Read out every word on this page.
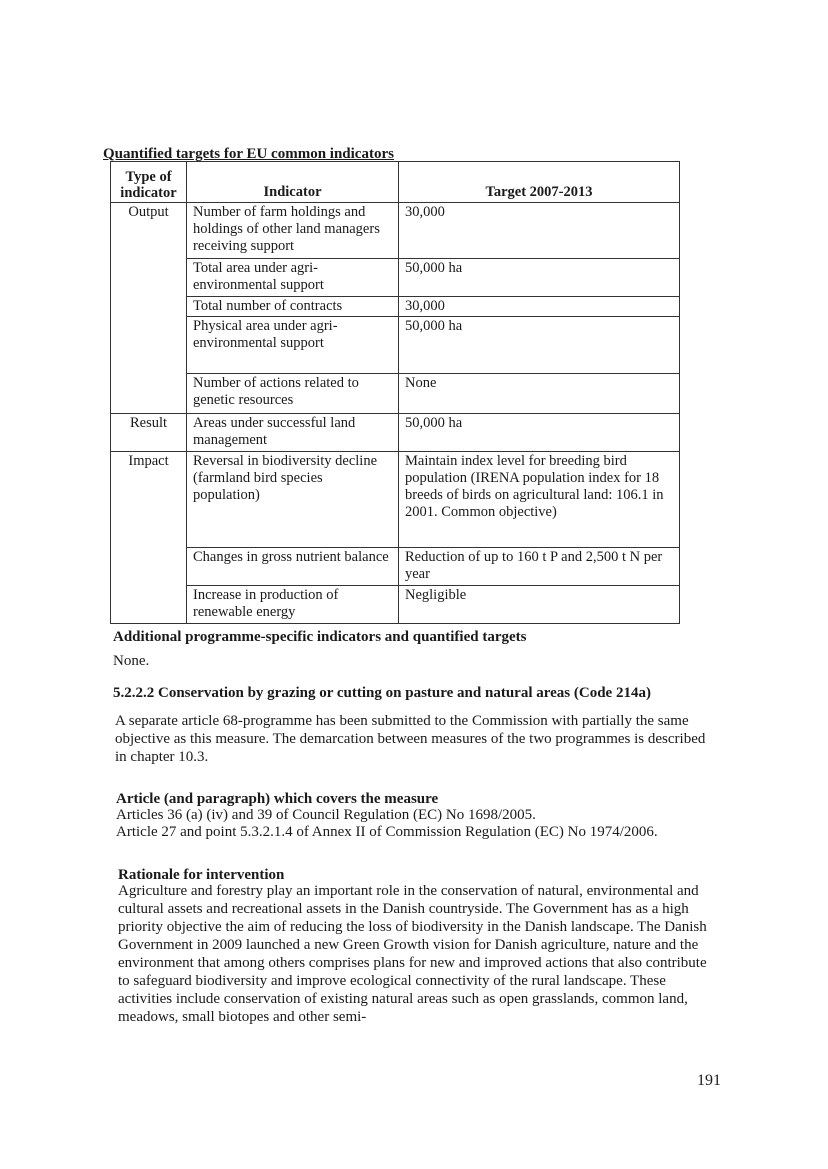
Quantified targets for EU common indicators
Type of indicator	Indicator	Target 2007-2013
Output	Number of farm holdings and holdings of other land managers receiving support	30,000
	Total area under agri-environmental support	50,000 ha
	Total number of contracts	30,000
	Physical area under agri-environmental support	50,000 ha
	Number of actions related to genetic resources	None
Result	Areas under successful land management	50,000 ha
Impact	Reversal in biodiversity decline (farmland bird species population)	Maintain index level for breeding bird population (IRENA population index for 18 breeds of birds on agricultural land: 106.1 in 2001. Common objective)
	Changes in gross nutrient balance	Reduction of up to 160 t P and 2,500 t N per year
	Increase in production of renewable energy	Negligible
Additional programme-specific indicators and quantified targets
None.
5.2.2.2 Conservation by grazing or cutting on pasture and natural areas (Code 214a)
A separate article 68-programme has been submitted to the Commission with partially the same objective as this measure. The demarcation between measures of the two programmes is described in chapter 10.3.
Article (and paragraph) which covers the measure
Articles 36 (a) (iv) and 39 of Council Regulation (EC) No 1698/2005.
Article 27 and point 5.3.2.1.4 of Annex II of Commission Regulation (EC) No 1974/2006.
Rationale for intervention
Agriculture and forestry play an important role in the conservation of natural, environmental and cultural assets and recreational assets in the Danish countryside. The Government has as a high priority objective the aim of reducing the loss of biodiversity in the Danish landscape. The Danish Government in 2009 launched a new Green Growth vision for Danish agriculture, nature and the environment that among others comprises plans for new and improved actions that also contribute to safeguard biodiversity and improve ecological connectivity of the rural landscape. These activities include conservation of existing natural areas such as open grasslands, common land, meadows, small biotopes and other semi-
191
